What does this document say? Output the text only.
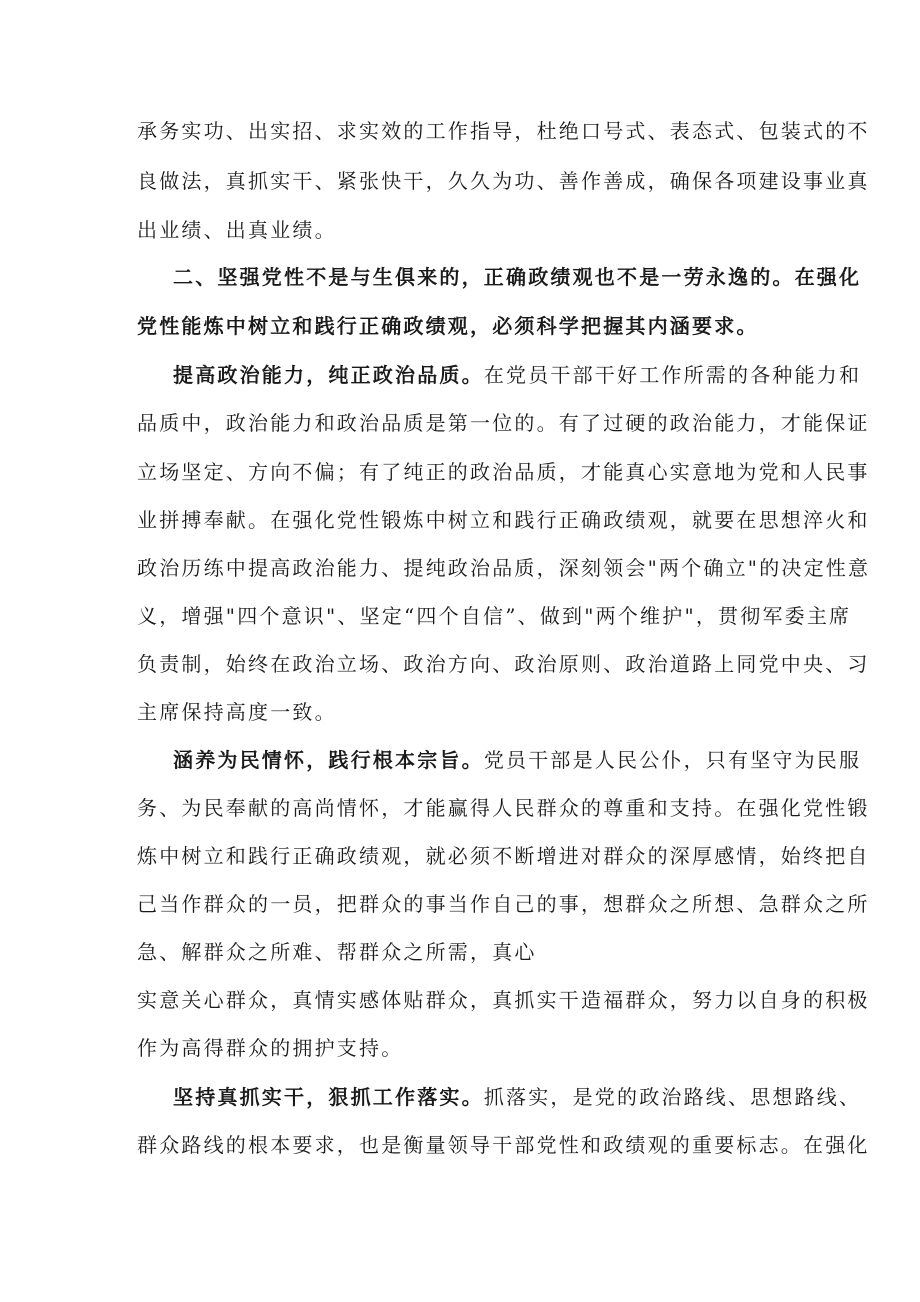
承务实功、出实招、求实效的工作指导，杜绝口号式、表态式、包装式的不
良做法，真抓实干、紧张快干，久久为功、善作善成，确保各项建设事业真
出业绩、出真业绩。
二、坚强党性不是与生俱来的，正确政绩观也不是一劳永逸的。在强化
党性能炼中树立和践行正确政绩观，必须科学把握其内涵要求。
提高政治能力，纯正政治品质。在党员干部干好工作所需的各种能力和
品质中，政治能力和政治品质是第一位的。有了过硬的政治能力，才能保证
立场坚定、方向不偏；有了纯正的政治品质，才能真心实意地为党和人民事
业拼搏奉献。在强化党性锻炼中树立和践行正确政绩观，就要在思想淬火和
政治历练中提高政治能力、提纯政治品质，深刻领会"两个确立"的决定性意
义，增强"四个意识"、坚定“四个自信”、做到"两个维护"，贯彻军委主席
负责制，始终在政治立场、政治方向、政治原则、政治道路上同党中央、习
主席保持高度一致。
涵养为民情怀，践行根本宗旨。党员干部是人民公仆，只有坚守为民服
务、为民奉献的高尚情怀，才能赢得人民群众的尊重和支持。在强化党性锻
炼中树立和践行正确政绩观，就必须不断增进对群众的深厚感情，始终把自
己当作群众的一员，把群众的事当作自己的事，想群众之所想、急群众之所
急、解群众之所难、帮群众之所需，真心
实意关心群众，真情实感体贴群众，真抓实干造福群众，努力以自身的积极
作为高得群众的拥护支持。
坚持真抓实干，狠抓工作落实。抓落实，是党的政治路线、思想路线、
群众路线的根本要求，也是衡量领导干部党性和政绩观的重要标志。在强化
